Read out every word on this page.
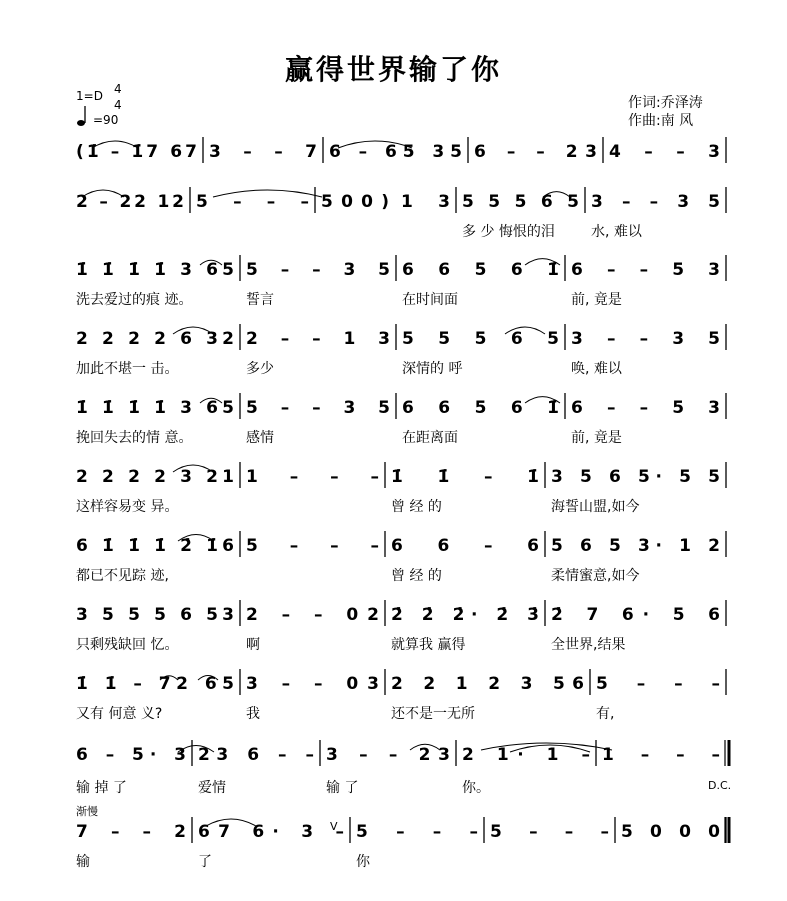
赢得世界输了你
1=D 4
4
=90
作词:乔泽涛
作曲:南 风
(1̇ – 1̇7 67 3 – – 7 6 – 65 35 6 – – 23 4 – – 3
2 – 22 12 5 – – – 5 0 0 ) 1 3 5 5 5 6 5
多 少 悔恨的泪
3 – – 3 5
水, 难以
1̇ 1̇ 1̇ 1̇ 3 65
洗去爱过的痕 迹。
5 – – 3 5
誓言
6 6 5 6 1̇
在时间面
6 – – 5 3
前, 竟是
2 2 2 2 6 32
加此不堪一 击。
2 – – 1 3
多少
5 5 5 6 5
深情的 呼
3 – – 3 5
唤, 难以
1̇ 1̇ 1̇ 1̇ 3 65
挽回失去的情 意。
5 – – 3 5
感情
6 6 5 6 1̇
在距离面
6 – – 5 3
前, 竟是
2 2 2 2 3 21
这样容易变 异。
1 – – – 1̇ 1̇ – 1̇
曾 经 的
3 5 6 5· 5 5
海誓山盟,如今
6 1̇ 1̇ 1̇ 2̇ 1̇6
都已不见踪 迹,
5 – – – 6 6 – 6
曾 经 的
5 6 5 3· 1 2
柔情蜜意,如今
3 5 5 5 6 53
只剩残缺回 忆。
2 – – 02
啊
2̇ 2̇ 2̇· 2̇ 3̇
就算我 赢得
2̇ 7 6· 5 6
全世界,结果
1̇ 1̇ – 72 65
又有 何意 义?
3 – – 03
我
2 2 1 2 3 56
还不是一无所
5 – – –
有,
6 – 5· 3
输 掉 了
23 6 – –
爱情
3 – – 23
输 了
2 1· 1 –
你。
1 – – –
7 – – 2
输
67 6· 3 –
了
5 – – –
你
5 – – – 5 0 0 0
D.C.
渐慢
V
